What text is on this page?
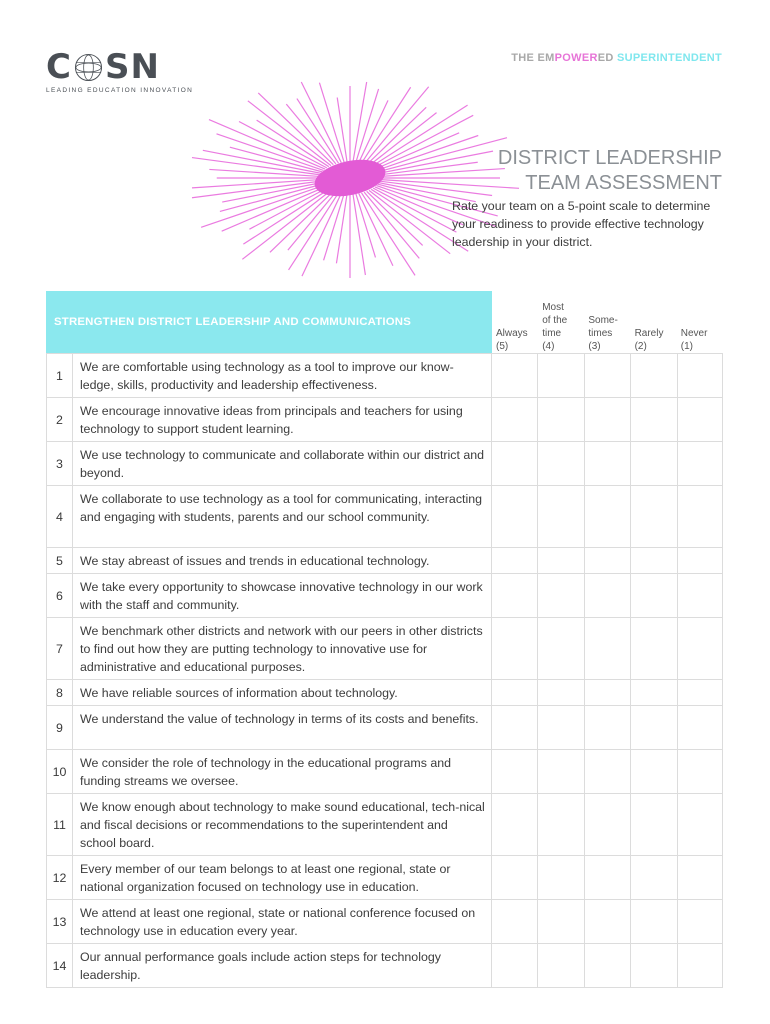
C SN
LEADING EDUCATION INNOVATION
THE EMPOWERED SUPERINTENDENT
DISTRICT LEADERSHIP
TEAM ASSESSMENT
Rate your team on a 5-point scale to determine your readiness to provide effective technology leadership in your district.
STRENGTHEN DISTRICT LEADERSHIP AND COMMUNICATIONS
Always
(5)
Most
of the
time
(4)
Some-
times
(3)
Rarely
(2)
Never
(1)
1
We are comfortable using technology as a tool to improve our know-ledge, skills, productivity and leadership effectiveness.
2
We encourage innovative ideas from principals and teachers for using technology to support student learning.
3
We use technology to communicate and collaborate within our district and beyond.
4
We collaborate to use technology as a tool for communicating, interacting and engaging with students, parents and our school community.
5	We stay abreast of issues and trends in educational technology.
6
We take every opportunity to showcase innovative technology in our work with the staff and community.
7
We benchmark other districts and network with our peers in other districts to find out how they are putting technology to innovative use for administrative and educational purposes.
8	We have reliable sources of information about technology.
9
We understand the value of technology in terms of its costs and benefits.
10
We consider the role of technology in the educational programs and funding streams we oversee.
11
We know enough about technology to make sound educational, tech-nical and fiscal decisions or recommendations to the superintendent and school board.
12
Every member of our team belongs to at least one regional, state or national organization focused on technology use in education.
13
We attend at least one regional, state or national conference focused on technology use in education every year.
14
Our annual performance goals include action steps for technology leadership.
